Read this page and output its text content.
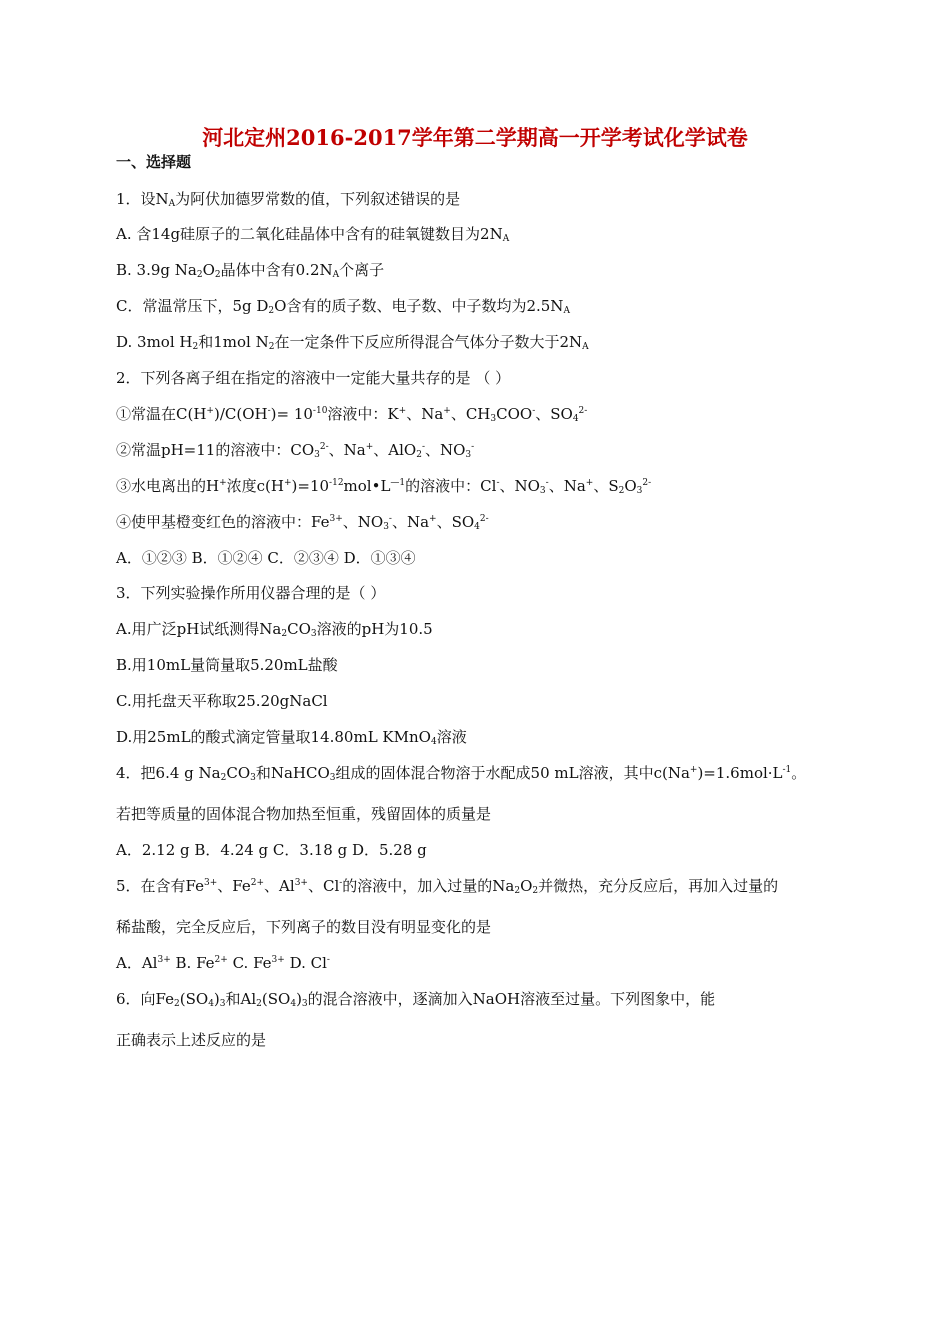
河北定州2016-2017学年第二学期高一开学考试化学试卷
一、选择题
1．设$N_A$为阿伏加德罗常数的值，下列叙述错误的是
A. 含14g硅原子的二氧化硅晶体中含有的硅氧键数目为$2N_A$
B. 3.9g $Na_2O_2$晶体中含有$0.2N_A$个离子
C．常温常压下，5g $D_2O$含有的质子数、电子数、中子数均为$2.5N_A$
D. 3mol $H_2$和1mol $N_2$在一定条件下反应所得混合气体分子数大于$2N_A$
2．下列各离子组在指定的溶液中一定能大量共存的是 （ ）
①常温在$C(H^+)/C(OH^-)= 10^{-10}$溶液中：K+、Na+、$CH_3COO^-$、$SO_4^{2-}$
②常温pH=11的溶液中：$CO_3^{2-}$、Na+、AlO$_2$-、$NO_3^-$
③水电离出的H+浓度$c(H^+)=10^{-12}mol•L^{—1}$的溶液中：Cl-、$NO_3^-$、Na+、$S_2O_3^{2-}$
④使甲基橙变红色的溶液中：$Fe^{3+}$、$NO_3^-$、Na+、$SO_4^{2-}$
A．①②③ B．①②④ C．②③④ D．①③④
3．下列实验操作所用仪器合理的是（ ）
A.用广泛pH试纸测得$Na_2CO_3$溶液的pH为10.5
B.用10mL量筒量取5.20mL盐酸
C.用托盘天平称取25.20gNaCl
D.用25mL的酸式滴定管量取14.80mL KMnO$_4$溶液
4．把6.4 g $Na_2CO_3$和NaHCO$_3$组成的固体混合物溶于水配成50 mL溶液，其中$c(Na^+)=1.6mol\cdot L^{-1}$。
若把等质量的固体混合物加热至恒重，残留固体的质量是
A．2.12 g B．4.24 g C．3.18 g D．5.28 g
5．在含有$Fe^{3+}$、$Fe^{2+}$、$Al^{3+}$、Cl-的溶液中，加入过量的$Na_2O_2$并微热，充分反应后，再加入过量的
稀盐酸，完全反应后，下列离子的数目没有明显变化的是
A．$Al^{3+}$ B. $Fe^{2+}$ C. $Fe^{3+}$ D. Cl-
6．向$Fe_2(SO_4)_3$和$Al_2(SO_4)_3$的混合溶液中，逐滴加入NaOH溶液至过量。下列图象中，能
正确表示上述反应的是
